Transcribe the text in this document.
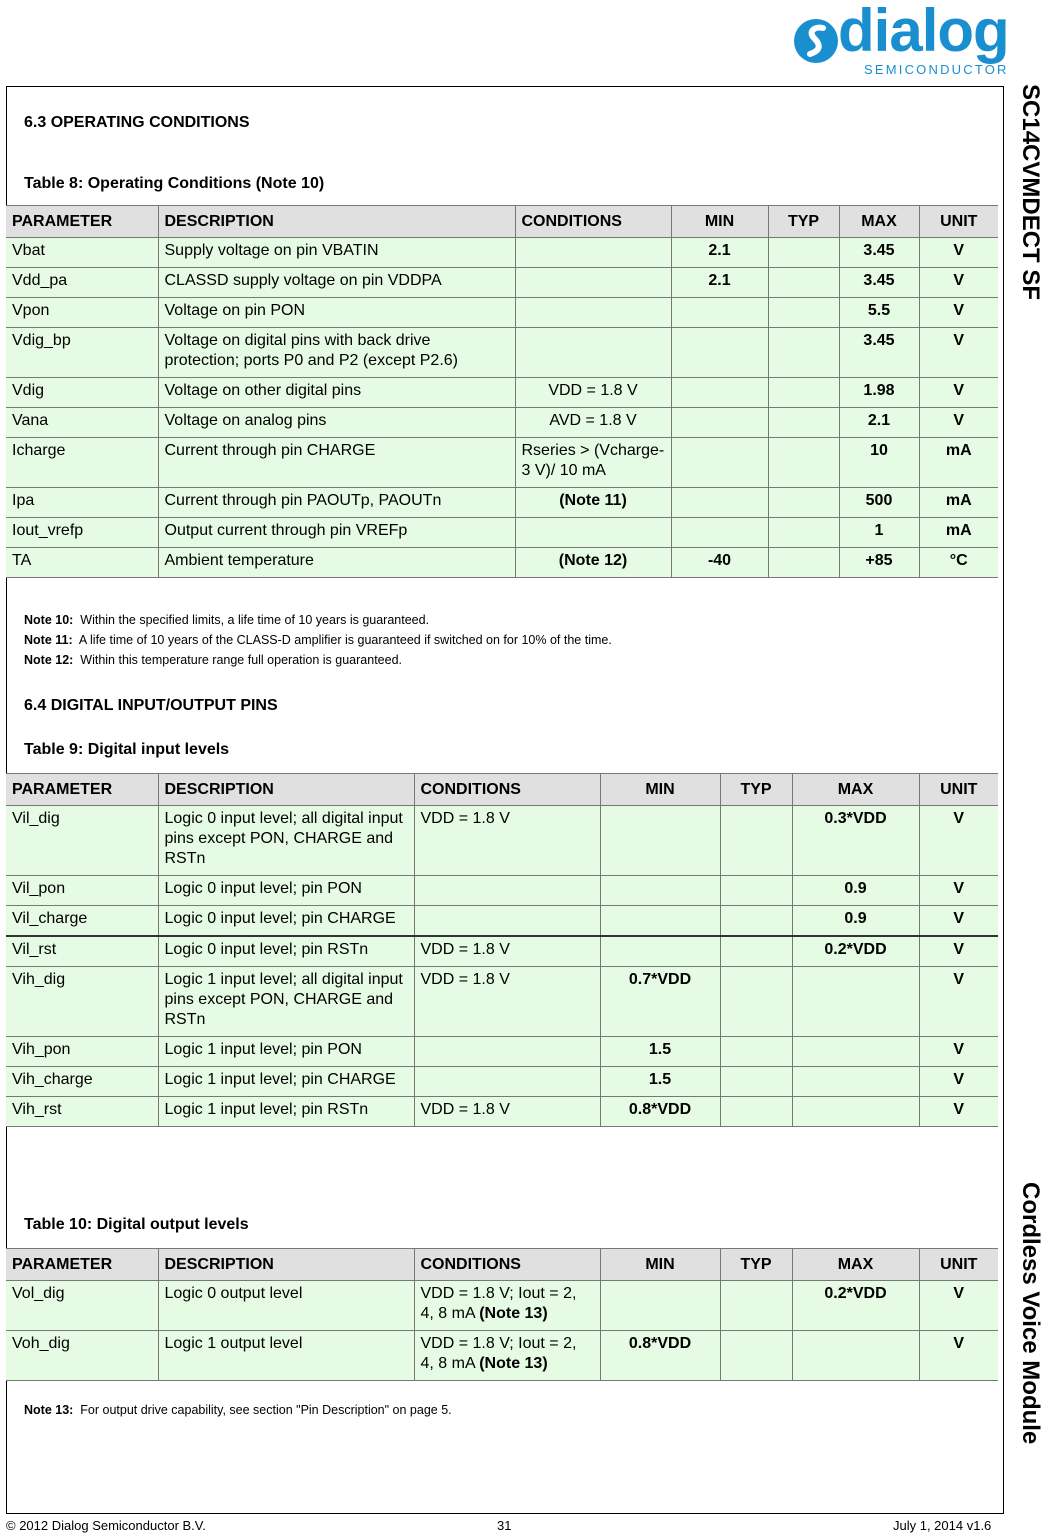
dialog
SEMICONDUCTOR
SC14CVMDECT SF
Cordless Voice Module
6.3 OPERATING CONDITIONS
Table 8: Operating Conditions (Note 10)
PARAMETER	DESCRIPTION	CONDITIONS	MIN	TYP	MAX	UNIT
Vbat	Supply voltage on pin VBATIN		2.1		3.45	V
Vdd_pa	CLASSD supply voltage on pin VDDPA		2.1		3.45	V
Vpon	Voltage on pin PON				5.5	V
Vdig_bp	Voltage on digital pins with back drive protection; ports P0 and P2 (except P2.6)				3.45	V
Vdig	Voltage on other digital pins	VDD = 1.8 V			1.98	V
Vana	Voltage on analog pins	AVD = 1.8 V			2.1	V
Icharge	Current through pin CHARGE	Rseries > (Vcharge-3 V)/ 10 mA			10	mA
Ipa	Current through pin PAOUTp, PAOUTn	(Note 11)			500	mA
Iout_vrefp	Output current through pin VREFp				1	mA
TA	Ambient temperature	(Note 12)	-40		+85	°C
Note 10: Within the specified limits, a life time of 10 years is guaranteed.
Note 11: A life time of 10 years of the CLASS-D amplifier is guaranteed if switched on for 10% of the time.
Note 12: Within this temperature range full operation is guaranteed.
6.4 DIGITAL INPUT/OUTPUT PINS
Table 9: Digital input levels
PARAMETER	DESCRIPTION	CONDITIONS	MIN	TYP	MAX	UNIT
Vil_dig	Logic 0 input level; all digital input pins except PON, CHARGE and RSTn	VDD = 1.8 V			0.3*VDD	V
Vil_pon	Logic 0 input level; pin PON				0.9	V
Vil_charge	Logic 0 input level; pin CHARGE				0.9	V
Vil_rst	Logic 0 input level; pin RSTn	VDD = 1.8 V			0.2*VDD	V
Vih_dig	Logic 1 input level; all digital input pins except PON, CHARGE and RSTn	VDD = 1.8 V	0.7*VDD			V
Vih_pon	Logic 1 input level; pin PON		1.5			V
Vih_charge	Logic 1 input level; pin CHARGE		1.5			V
Vih_rst	Logic 1 input level; pin RSTn	VDD = 1.8 V	0.8*VDD			V
Table 10: Digital output levels
PARAMETER	DESCRIPTION	CONDITIONS	MIN	TYP	MAX	UNIT
Vol_dig	Logic 0 output level	VDD = 1.8 V; Iout = 2, 4, 8 mA (Note 13)			0.2*VDD	V
Voh_dig	Logic 1 output level	VDD = 1.8 V; Iout = 2, 4, 8 mA (Note 13)	0.8*VDD			V
Note 13: For output drive capability, see section "Pin Description" on page 5.
© 2012 Dialog Semiconductor B.V.	31	July 1, 2014 v1.6
